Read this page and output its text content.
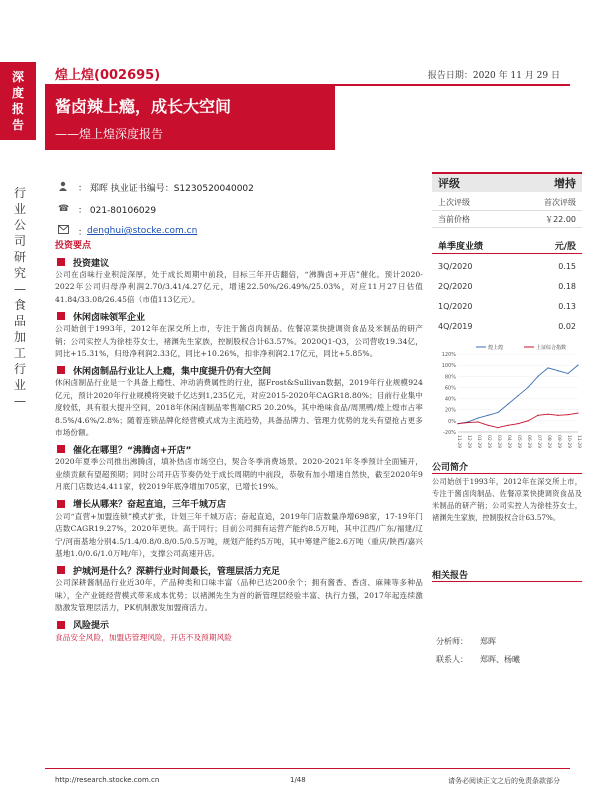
深
度
报
告
行
业
公
司
研
究
—
食
品
加
工
行
业
—
煌上煌(002695)	报告日期：2020 年 11 月 29 日
酱卤辣上瘾，成长大空间
——煌上煌深度报告
： 郑晖 执业证书编号：S1230520040002
☎ ： 021-80106029
： denghui@stocke.com.cn
投资要点
投资建议
公司在卤味行业积淀深厚，处于成长周期中前段，目标三年开店翻倍，“沸腾卤+开店”催化。预计2020-2022年公司归母净利润2.70/3.41/4.27亿元，增速22.50%/26.49%/25.03%，对应11月27日估值41.84/33.08/26.45倍（市值113亿元）。
休闲卤味领军企业
公司始创于1993年，2012年在深交所上市，专注于酱卤肉制品、佐餐凉菜快捷调资食品及米制品的研产销；公司实控人为徐桂芬女士，褚渊先生家族，控制股权合计63.57%。2020Q1-Q3，公司营收19.34亿，同比+15.31%，归母净利润2.33亿，同比+10.26%，扣非净利润2.17亿元，同比+5.85%。
休闲卤制品行业让人上瘾，集中度提升仍有大空间
休闲卤制品行业是一个具备上瘾性、冲动消费属性的行业，据Frost&Sullivan数据，2019年行业规模924亿元，预计2020年行业规模将突破千亿达到1,235亿元，对应2015-2020年CAGR18.80%；目前行业集中度较低，具有很大提升空间，2018年休闲卤制品零售端CR5 20.20%，其中绝味食品/周黑鸭/煌上煌市占率8.5%/4.6%/2.8%；随着连锁品牌化经营模式成为主流趋势，具备品牌力、管理力优势的龙头有望抢占更多市场份额。
催化在哪里？“沸腾卤+开店”
2020年夏季公司推出沸腾卤，填补热卤市场空白，契合冬季消费场景。2020-2021年冬季预计全面铺开，业绩贡献有望超预期；同时公司开店节奏仍处于成长周期的中前段，恭敬有加小增速自然快，截至2020年9月底门店数达4,411家，较2019年底净增加705家，已增长19%。
增长从哪来？奋起直追，三年千城万店
公司“直营+加盟连锁”模式扩张，计划三年千城万店；奋起直追，2019年门店数量净增698家，17-19年门店数CAGR19.27%，2020年更快。高于同行；目前公司拥有运营产能约8.5万吨，其中江西/广东/福建/辽宁/河南基地分别4.5/1.4/0.8/0.8/0.5/0.5万吨，规划产能约5万吨，其中筹建产能2.6万吨（重庆/陕西/嘉兴基地1.0/0.6/1.0万吨/年），支撑公司高速开店。
护城河是什么？深耕行业时间最长，管理层活力充足
公司深耕酱制品行业近30年，产品种类和口味丰富（品种已达200余个；拥有酱香、香卤、麻辣等多种品味），全产业链经营模式带来成本优势；以褚渊先生为首的新管理层经验丰富、执行力强，2017年起连续激励激发管理层活力，PK机制激发加盟商活力。
风险提示
食品安全风险，加盟店管理风险，开店不及预期风险
评级	增持
上次评级	首次评级
当前价格	￥22.00
单季度业绩	元/股
3Q/2020	0.15
2Q/2020	0.18
1Q/2020	0.13
4Q/2019	0.02
-20%
0%
20%
40%
60%
80%
100%
120%
11-29 12-29 01-29 02-29 03-29 04-29 05-29 06-29 07-29 08-29 09-29 10-29 11-29
煌上煌	上证综合指数
公司简介
公司始创于1993年，2012年在深交所上市，专注于酱卤肉制品、佐餐凉菜快捷调资食品及米制品的研产销；公司实控人为徐桂芬女士，褚渊先生家族，控制股权合计63.57%。
相关报告
分析师：	郑晖
联系人：	郑晖、杨曦
http://research.stocke.com.cn	1/48	请务必阅读正文之后的免责条款部分
